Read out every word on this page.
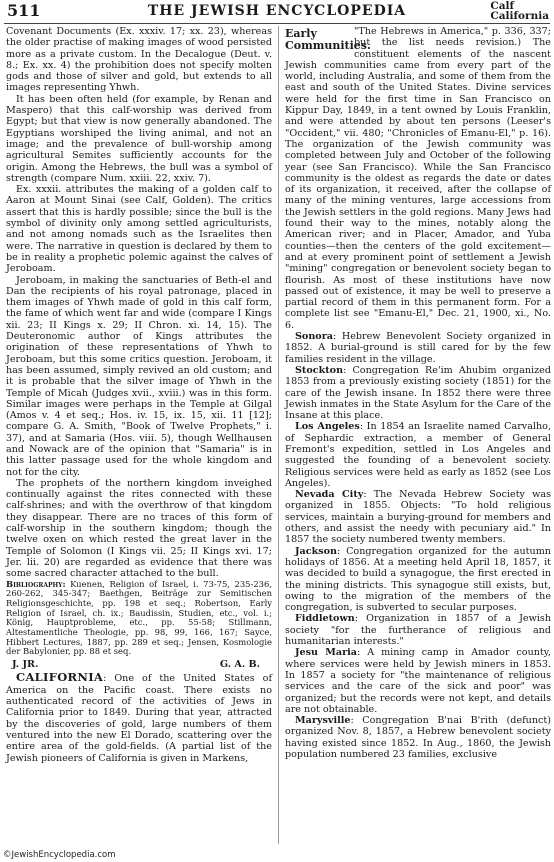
511	THE JEWISH ENCYCLOPEDIA	Calf
California

Covenant Documents (Ex. xxxiv. 17; xx. 23), whereas the older practise of making images of wood persisted more as a private custom. In the Decalogue (Deut. v. 8.; Ex. xx. 4) the prohibition does not specify molten gods and those of silver and gold, but extends to all images representing Yhwh.

It has been often held (for example, by Renan and Maspero) that this calf-worship was derived from Egypt; but that view is now generally abandoned. The Egyptians worshiped the living animal, and not an image; and the prevalence of bull-worship among agricultural Semites sufficiently accounts for the origin. Among the Hebrews, the bull was a symbol of strength (compare Num. xxiii. 22, xxiv. 7).

Ex. xxxii. attributes the making of a golden calf to Aaron at Mount Sinai (see Calf, Golden). The critics assert that this is hardly possible; since the bull is the symbol of divinity only among settled agriculturists, and not among nomads such as the Israelites then were. The narrative in question is declared by them to be in reality a prophetic polemic against the calves of Jeroboam.

Jeroboam, in making the sanctuaries of Beth-el and Dan the recipients of his royal patronage, placed in them images of Yhwh made of gold in this calf form, the fame of which went far and wide (compare I Kings xii. 23; II Kings x. 29; II Chron. xi. 14, 15). The Deuteronomic author of Kings attributes the origination of these representations of Yhwh to Jeroboam, but this some critics question. Jeroboam, it has been assumed, simply revived an old custom; and it is probable that the silver image of Yhwh in the Temple of Micah (Judges xvii., xviii.) was in this form. Similar images were perhaps in the Temple at Gilgal (Amos v. 4 et seq.; Hos. iv. 15, ix. 15, xii. 11 [12]; compare G. A. Smith, "Book of Twelve Prophets," i. 37), and at Samaria (Hos. viii. 5), though Wellhausen and Nowack are of the opinion that "Samaria" is in this latter passage used for the whole kingdom and not for the city.

The prophets of the northern kingdom inveighed continually against the rites connected with these calf-shrines; and with the overthrow of that kingdom they disappear. There are no traces of this form of calf-worship in the southern kingdom; though the twelve oxen on which rested the great laver in the Temple of Solomon (I Kings vii. 25; II Kings xvi. 17; Jer. lii. 20) are regarded as evidence that there was some sacred character attached to the bull.

Bibliography: Kuenen, Religion of Israel, i. 73-75, 235-236, 260-262, 345-347; Baethgen, Beiträge zur Semitischen Religionsgeschichte, pp. 198 et seq.; Robertson, Early Religion of Israel, ch. ix.; Baudissin, Studien, etc., vol. i.; König, Hauptprobleme, etc., pp. 55-58; Stillmann, Altestamentliche Theologie, pp. 98, 99, 166, 167; Sayce, Hibbert Lectures, 1887, pp. 289 et seq.; Jensen, Kosmologie der Babylonier, pp. 88 et seq.

J. JR.	G. A. B.

CALIFORNIA: One of the United States of America on the Pacific coast. There exists no authenticated record of the activities of Jews in California prior to 1849. During that year, attracted by the discoveries of gold, large numbers of them ventured into the new El Dorado, scattering over the entire area of the gold-fields. (A partial list of the Jewish pioneers of California is given in Markens,

Early Communities.
"The Hebrews in America," p. 336, 337; but the list needs revision.) The constituent elements of the nascent Jewish communities came from every part of the world, including Australia, and some of them from the east and south of the United States. Divine services were held for the first time in San Francisco on Kippur Day, 1849, in a tent owned by Louis Franklin, and were attended by about ten persons (Leeser's "Occident," vii. 480; "Chronicles of Emanu-El," p. 16). The organization of the Jewish community was completed between July and October of the following year (see San Francisco). While the San Francisco community is the oldest as regards the date or dates of its organization, it received, after the collapse of many of the mining ventures, large accessions from the Jewish settlers in the gold regions. Many Jews had found their way to the mines, notably along the American river; and in Placer, Amador, and Yuba counties—then the centers of the gold excitement—and at every prominent point of settlement a Jewish "mining" congregation or benevolent society began to flourish. As most of these institutions have now passed out of existence, it may be well to preserve a partial record of them in this permanent form. For a complete list see "Emanu-El," Dec. 21, 1900, xi., No. 6.

Sonora: Hebrew Benevolent Society organized in 1852. A burial-ground is still cared for by the few families resident in the village.

Stockton: Congregation Re'im Ahubim organized 1853 from a previously existing society (1851) for the care of the Jewish insane. In 1852 there were three Jewish inmates in the State Asylum for the Care of the Insane at this place.

Los Angeles: In 1854 an Israelite named Carvalho, of Sephardic extraction, a member of General Fremont's expedition, settled in Los Angeles and suggested the founding of a benevolent society. Religious services were held as early as 1852 (see Los Angeles).

Nevada City: The Nevada Hebrew Society was organized in 1855. Objects: "To hold religious services, maintain a burying-ground for members and others, and assist the needy with pecuniary aid." In 1857 the society numbered twenty members.

Jackson: Congregation organized for the autumn holidays of 1856. At a meeting held April 18, 1857, it was decided to build a synagogue, the first erected in the mining districts. This synagogue still exists, but, owing to the migration of the members of the congregation, is subverted to secular purposes.

Fiddletown: Organization in 1857 of a Jewish society "for the furtherance of religious and humanitarian interests."

Jesu Maria: A mining camp in Amador county, where services were held by Jewish miners in 1853. In 1857 a society for "the maintenance of religious services and the care of the sick and poor" was organized; but the records were not kept, and details are not obtainable.

Marysville: Congregation B'nai B'rith (defunct) organized Nov. 8, 1857, a Hebrew benevolent society having existed since 1852. In Aug., 1860, the Jewish population numbered 23 families, exclusive

©JewishEncyclopedia.com
